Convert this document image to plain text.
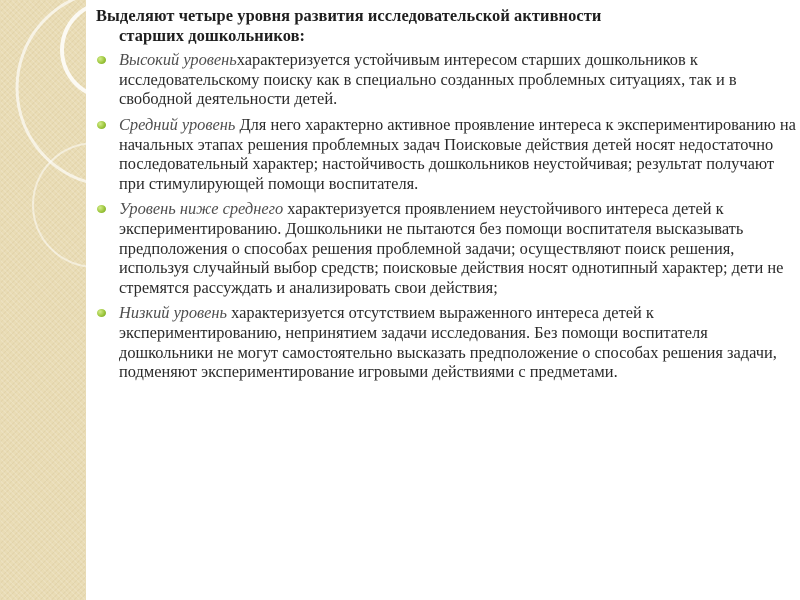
Выделяют четыре уровня развития исследовательской активности
старших дошкольников:
Высокий уровеньхарактеризуется устойчивым интересом старших дошкольников к исследовательскому поиску как в специально созданных проблемных ситуациях, так и в свободной деятельности детей.
Средний уровень Для него характерно активное проявление интереса к экспериментированию на начальных этапах решения проблемных задач Поисковые действия детей носят недостаточно последовательный характер; настойчивость дошкольников неустойчивая; результат получают при стимулирующей помощи воспитателя.
Уровень ниже среднего характеризуется проявлением неустойчивого интереса детей к экспериментированию. Дошкольники не пытаются без помощи воспитателя высказывать предположения о способах решения проблемной задачи; осуществляют поиск решения, используя случайный выбор средств; поисковые действия носят однотипный характер; дети не стремятся рассуждать и анализировать свои действия;
Низкий уровень характеризуется отсутствием выраженного интереса детей к экспериментированию, непринятием задачи исследования. Без помощи воспитателя дошкольники не могут самостоятельно высказать предположение о способах решения задачи, подменяют экспериментирование игровыми действиями с предметами.
